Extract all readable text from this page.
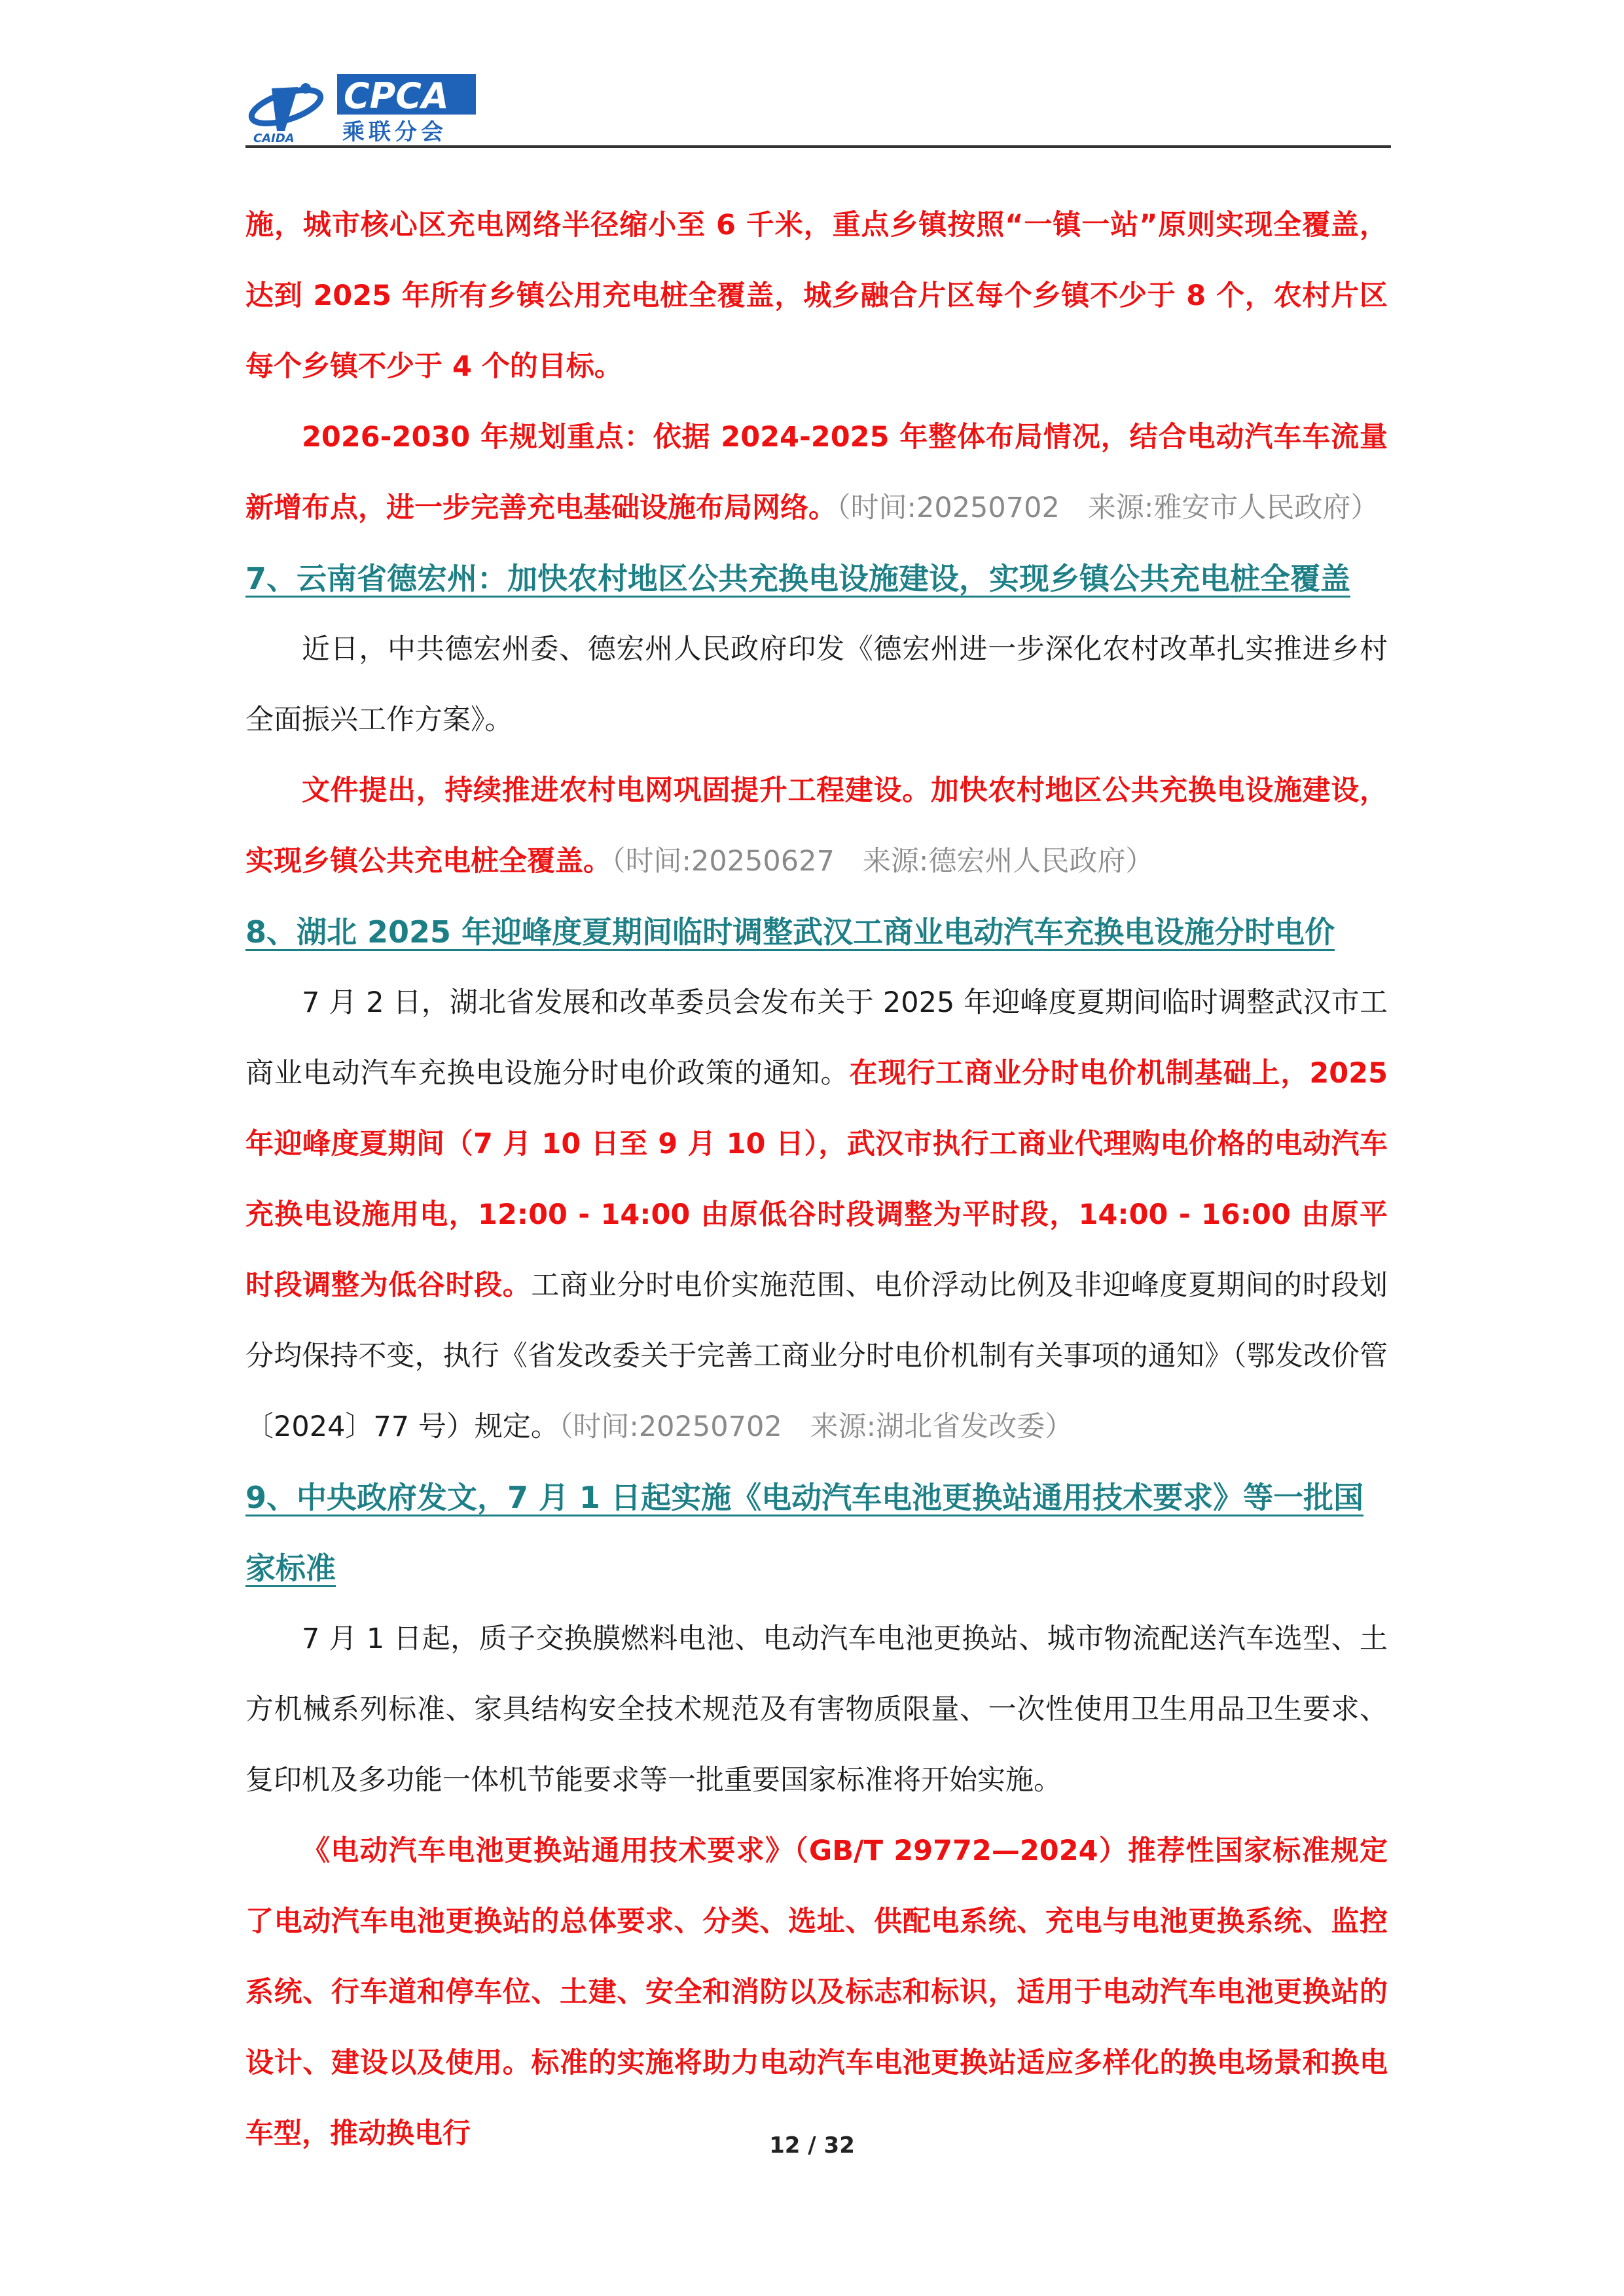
CAIDA
CPCA
乘联分会

施，城市核心区充电网络半径缩小至 6 千米，重点乡镇按照“一镇一站”原则实现全覆盖，达到 2025 年所有乡镇公用充电桩全覆盖，城乡融合片区每个乡镇不少于 8 个，农村片区每个乡镇不少于 4 个的目标。

2026-2030 年规划重点：依据 2024-2025 年整体布局情况，结合电动汽车车流量新增布点，进一步完善充电基础设施布局网络。（时间:20250702　来源:雅安市人民政府）

7、云南省德宏州：加快农村地区公共充换电设施建设，实现乡镇公共充电桩全覆盖

近日，中共德宏州委、德宏州人民政府印发《德宏州进一步深化农村改革扎实推进乡村全面振兴工作方案》。

文件提出，持续推进农村电网巩固提升工程建设。加快农村地区公共充换电设施建设，实现乡镇公共充电桩全覆盖。（时间:20250627　来源:德宏州人民政府）

8、湖北 2025 年迎峰度夏期间临时调整武汉工商业电动汽车充换电设施分时电价

7 月 2 日，湖北省发展和改革委员会发布关于 2025 年迎峰度夏期间临时调整武汉市工商业电动汽车充换电设施分时电价政策的通知。在现行工商业分时电价机制基础上，2025 年迎峰度夏期间（7 月 10 日至 9 月 10 日），武汉市执行工商业代理购电价格的电动汽车充换电设施用电，12:00 - 14:00 由原低谷时段调整为平时段，14:00 - 16:00 由原平时段调整为低谷时段。工商业分时电价实施范围、电价浮动比例及非迎峰度夏期间的时段划分均保持不变，执行《省发改委关于完善工商业分时电价机制有关事项的通知》（鄂发改价管〔2024〕77 号）规定。（时间:20250702　来源:湖北省发改委）

9、中央政府发文，7 月 1 日起实施《电动汽车电池更换站通用技术要求》等一批国家标准

7 月 1 日起，质子交换膜燃料电池、电动汽车电池更换站、城市物流配送汽车选型、土方机械系列标准、家具结构安全技术规范及有害物质限量、一次性使用卫生用品卫生要求、复印机及多功能一体机节能要求等一批重要国家标准将开始实施。

《电动汽车电池更换站通用技术要求》（GB/T 29772—2024）推荐性国家标准规定了电动汽车电池更换站的总体要求、分类、选址、供配电系统、充电与电池更换系统、监控系统、行车道和停车位、土建、安全和消防以及标志和标识，适用于电动汽车电池更换站的设计、建设以及使用。标准的实施将助力电动汽车电池更换站适应多样化的换电场景和换电车型，推动换电行	12 / 32
